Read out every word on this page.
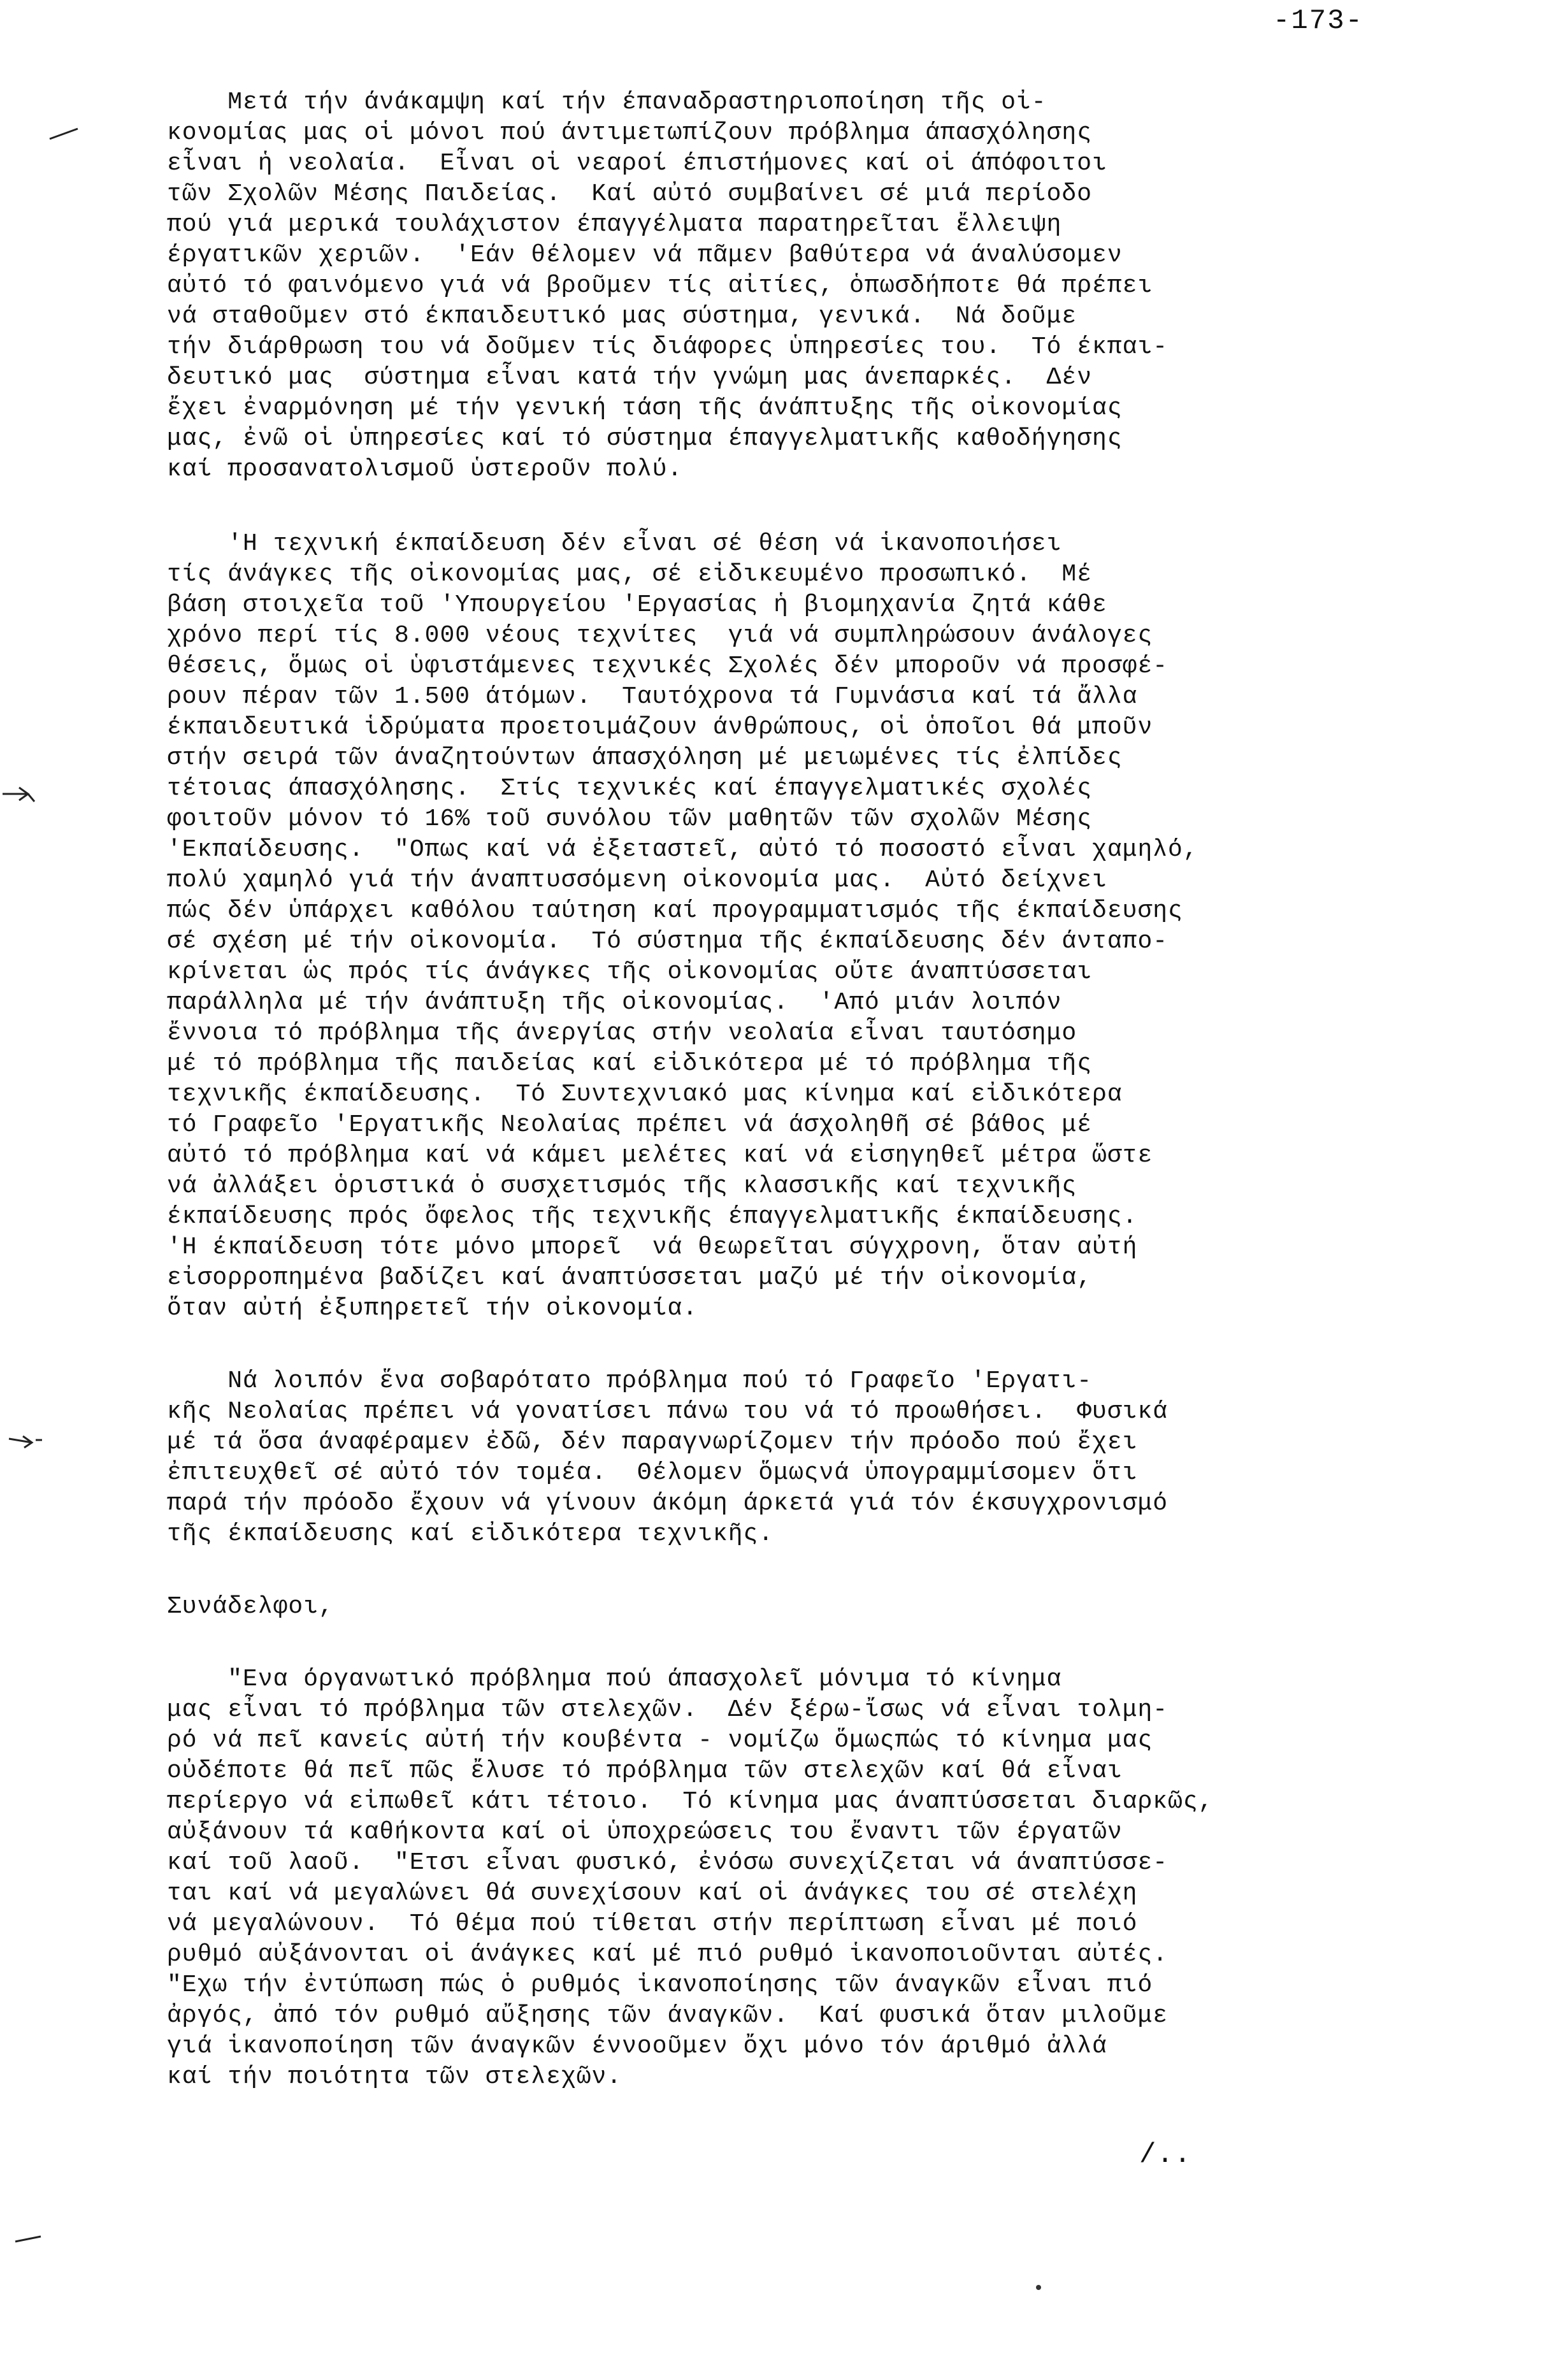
-173-
Μετά τήν άνάκαμψη καί τήν έπαναδραστηριοποίηση τῆς οἰ-
κονομίας μας οἱ μόνοι πού άντιμετωπίζουν πρόβλημα άπασχόλησης
εἶναι ἡ νεολαία.  Εἶναι οἱ νεαροί έπιστήμονες καί οἱ άπόφοιτοι
τῶν Σχολῶν Μέσης Παιδείας.  Καί αὐτό συμβαίνει σέ μιά περίοδο
πού γιά μερικά τουλάχιστον έπαγγέλματα παρατηρεῖται ἔλλειψη
έργατικῶν χεριῶν.  'Εάν θέλομεν νά πᾶμεν βαθύτερα νά άναλύσομεν
αὐτό τό φαινόμενο γιά νά βροῦμεν τίς αἰτίες, ὁπωσδήποτε θά πρέπει
νά σταθοῦμεν στό έκπαιδευτικό μας σύστημα, γενικά.  Νά δοῦμε
τήν διάρθρωση του νά δοῦμεν τίς διάφορες ὑπηρεσίες του.  Τό έκπαι-
δευτικό μας  σύστημα εἶναι κατά τήν γνώμη μας άνεπαρκές.  Δέν
ἔχει ἐναρμόνηση μέ τήν γενική τάση τῆς άνάπτυξης τῆς οἰκονομίας
μας, ἐνῶ οἱ ὑπηρεσίες καί τό σύστημα έπαγγελματικῆς καθοδήγησης
καί προσανατολισμοῦ ὑστεροῦν πολύ.
'Η τεχνική έκπαίδευση δέν εἶναι σέ θέση νά ἱκανοποιήσει
τίς άνάγκες τῆς οἰκονομίας μας, σέ εἰδικευμένο προσωπικό.  Μέ
βάση στοιχεῖα τοῦ 'Υπουργείου 'Εργασίας ἡ βιομηχανία ζητά κάθε
χρόνο περί τίς 8.000 νέους τεχνίτες  γιά νά συμπληρώσουν άνάλογες
θέσεις, ὅμως οἱ ὑφιστάμενες τεχνικές Σχολές δέν μποροῦν νά προσφέ-
ρουν πέραν τῶν 1.500 άτόμων.  Ταυτόχρονα τά Γυμνάσια καί τά ἄλλα
έκπαιδευτικά ἱδρύματα προετοιμάζουν άνθρώπους, οἱ ὁποῖοι θά μποῦν
στήν σειρά τῶν άναζητούντων άπασχόληση μέ μειωμένες τίς ἐλπίδες
τέτοιας άπασχόλησης.  Στίς τεχνικές καί έπαγγελματικές σχολές
φοιτοῦν μόνον τό 16% τοῦ συνόλου τῶν μαθητῶν τῶν σχολῶν Μέσης
'Εκπαίδευσης.  "Οπως καί νά ἐξεταστεῖ, αὐτό τό ποσοστό εἶναι χαμηλό,
πολύ χαμηλό γιά τήν άναπτυσσόμενη οἰκονομία μας.  Αὐτό δείχνει
πώς δέν ὑπάρχει καθόλου ταύτηση καί προγραμματισμός τῆς έκπαίδευσης
σέ σχέση μέ τήν οἰκονομία.  Τό σύστημα τῆς έκπαίδευσης δέν άνταπο-
κρίνεται ὡς πρός τίς άνάγκες τῆς οἰκονομίας οὔτε άναπτύσσεται
παράλληλα μέ τήν άνάπτυξη τῆς οἰκονομίας.  'Από μιάν λοιπόν
ἔννοια τό πρόβλημα τῆς άνεργίας στήν νεολαία εἶναι ταυτόσημο
μέ τό πρόβλημα τῆς παιδείας καί εἰδικότερα μέ τό πρόβλημα τῆς
τεχνικῆς έκπαίδευσης.  Τό Συντεχνιακό μας κίνημα καί εἰδικότερα
τό Γραφεῖο 'Εργατικῆς Νεολαίας πρέπει νά άσχοληθῆ σέ βάθος μέ
αὐτό τό πρόβλημα καί νά κάμει μελέτες καί νά εἰσηγηθεῖ μέτρα ὥστε
νά ἀλλάξει ὁριστικά ὁ συσχετισμός τῆς κλασσικῆς καί τεχνικῆς
έκπαίδευσης πρός ὄφελος τῆς τεχνικῆς έπαγγελματικῆς έκπαίδευσης.
'Η έκπαίδευση τότε μόνο μπορεῖ  νά θεωρεῖται σύγχρονη, ὅταν αὐτή
εἰσορροπημένα βαδίζει καί άναπτύσσεται μαζύ μέ τήν οἰκονομία,
ὅταν αὐτή ἐξυπηρετεῖ τήν οἰκονομία.
Νά λοιπόν ἕνα σοβαρότατο πρόβλημα πού τό Γραφεῖο 'Εργατι-
κῆς Νεολαίας πρέπει νά γονατίσει πάνω του νά τό προωθήσει.  Φυσικά
μέ τά ὅσα άναφέραμεν ἐδῶ, δέν παραγνωρίζομεν τήν πρόοδο πού ἔχει
ἐπιτευχθεῖ σέ αὐτό τόν τομέα.  Θέλομεν ὅμωςνά ὑπογραμμίσομεν ὅτι
παρά τήν πρόοδο ἔχουν νά γίνουν άκόμη άρκετά γιά τόν έκσυγχρονισμό
τῆς έκπαίδευσης καί εἰδικότερα τεχνικῆς.
Συνάδελφοι,
"Ενα όργανωτικό πρόβλημα πού άπασχολεῖ μόνιμα τό κίνημα
μας εἶναι τό πρόβλημα τῶν στελεχῶν.  Δέν ξέρω-ἴσως νά εἶναι τολμη-
ρό νά πεῖ κανείς αὐτή τήν κουβέντα - νομίζω ὅμωςπώς τό κίνημα μας
οὐδέποτε θά πεῖ πῶς ἔλυσε τό πρόβλημα τῶν στελεχῶν καί θά εἶναι
περίεργο νά εἰπωθεῖ κάτι τέτοιο.  Τό κίνημα μας άναπτύσσεται διαρκῶς,
αὐξάνουν τά καθήκοντα καί οἱ ὑποχρεώσεις του ἔναντι τῶν έργατῶν
καί τοῦ λαοῦ.  "Ετσι εἶναι φυσικό, ἐνόσω συνεχίζεται νά άναπτύσσε-
ται καί νά μεγαλώνει θά συνεχίσουν καί οἱ άνάγκες του σέ στελέχη
νά μεγαλώνουν.  Τό θέμα πού τίθεται στήν περίπτωση εἶναι μέ ποιό
ρυθμό αὐξάνονται οἱ άνάγκες καί μέ πιό ρυθμό ἱκανοποιοῦνται αὐτές.
"Εχω τήν ἐντύπωση πώς ὁ ρυθμός ἱκανοποίησης τῶν άναγκῶν εἶναι πιό
ἀργός, ἀπό τόν ρυθμό αὔξησης τῶν άναγκῶν.  Καί φυσικά ὅταν μιλοῦμε
γιά ἱκανοποίηση τῶν άναγκῶν έννοοῦμεν ὄχι μόνο τόν άριθμό ἀλλά
καί τήν ποιότητα τῶν στελεχῶν.
/..
